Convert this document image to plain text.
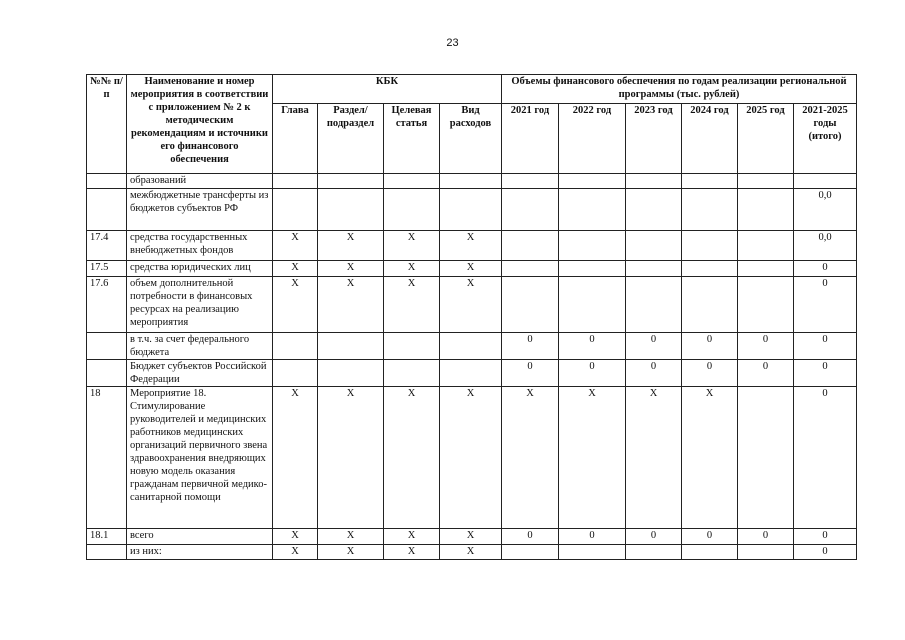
23
№№ п/п	Наименование и номер мероприятия в соответствии с приложением № 2 к методическим рекомендациям и источники его финансового обеспечения	КБК				Объемы финансового обеспечения по годам реализации региональной программы (тыс. рублей)					
		Глава	Раздел/ подраздел	Целевая статья	Вид расходов	2021 год	2022 год	2023 год	2024 год	2025 год	2021-2025 годы (итого)
	образований										
	межбюджетные трансферты из бюджетов субъектов РФ										0,0
17.4	средства государственных внебюджетных фондов	X	X	X	X						0,0
17.5	средства юридических лиц	X	X	X	X						0
17.6	объем дополнительной потребности в финансовых ресурсах на реализацию мероприятия	X	X	X	X						0
	в т.ч. за счет федерального бюджета					0	0	0	0	0	0
	Бюджет субъектов Российской Федерации					0	0	0	0	0	0
18	Мероприятие 18. Стимулирование руководителей и медицинских работников медицинских организаций первичного звена здравоохранения внедряющих новую модель оказания гражданам первичной медико-санитарной помощи	X	X	X	X	X	X	X	X		0
18.1	всего	X	X	X	X	0	0	0	0	0	0
	из них:	X	X	X	X						0
